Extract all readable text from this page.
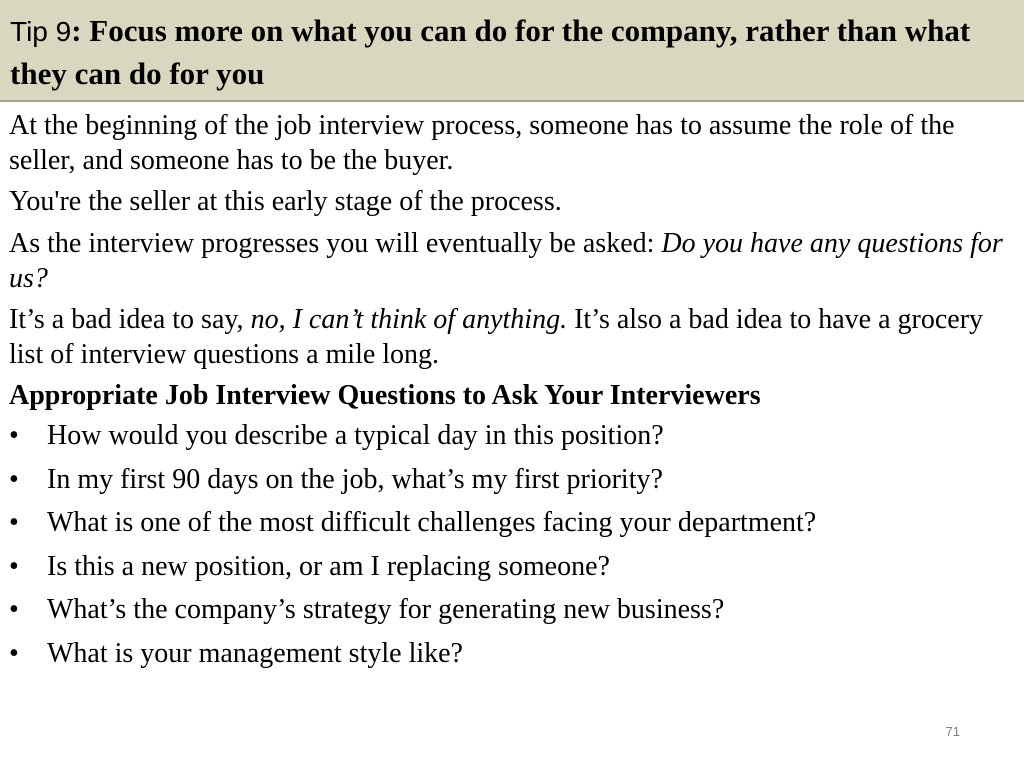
Tip 9: Focus more on what you can do for the company, rather than what they can do for you

At the beginning of the job interview process, someone has to assume the role of the seller, and someone has to be the buyer.

You're the seller at this early stage of the process.

As the interview progresses you will eventually be asked: Do you have any questions for us?

It’s a bad idea to say, no, I can’t think of anything. It’s also a bad idea to have a grocery list of interview questions a mile long.

Appropriate Job Interview Questions to Ask Your Interviewers

• How would you describe a typical day in this position?
• In my first 90 days on the job, what’s my first priority?
• What is one of the most difficult challenges facing your department?
• Is this a new position, or am I replacing someone?
• What’s the company’s strategy for generating new business?
• What is your management style like?
71
